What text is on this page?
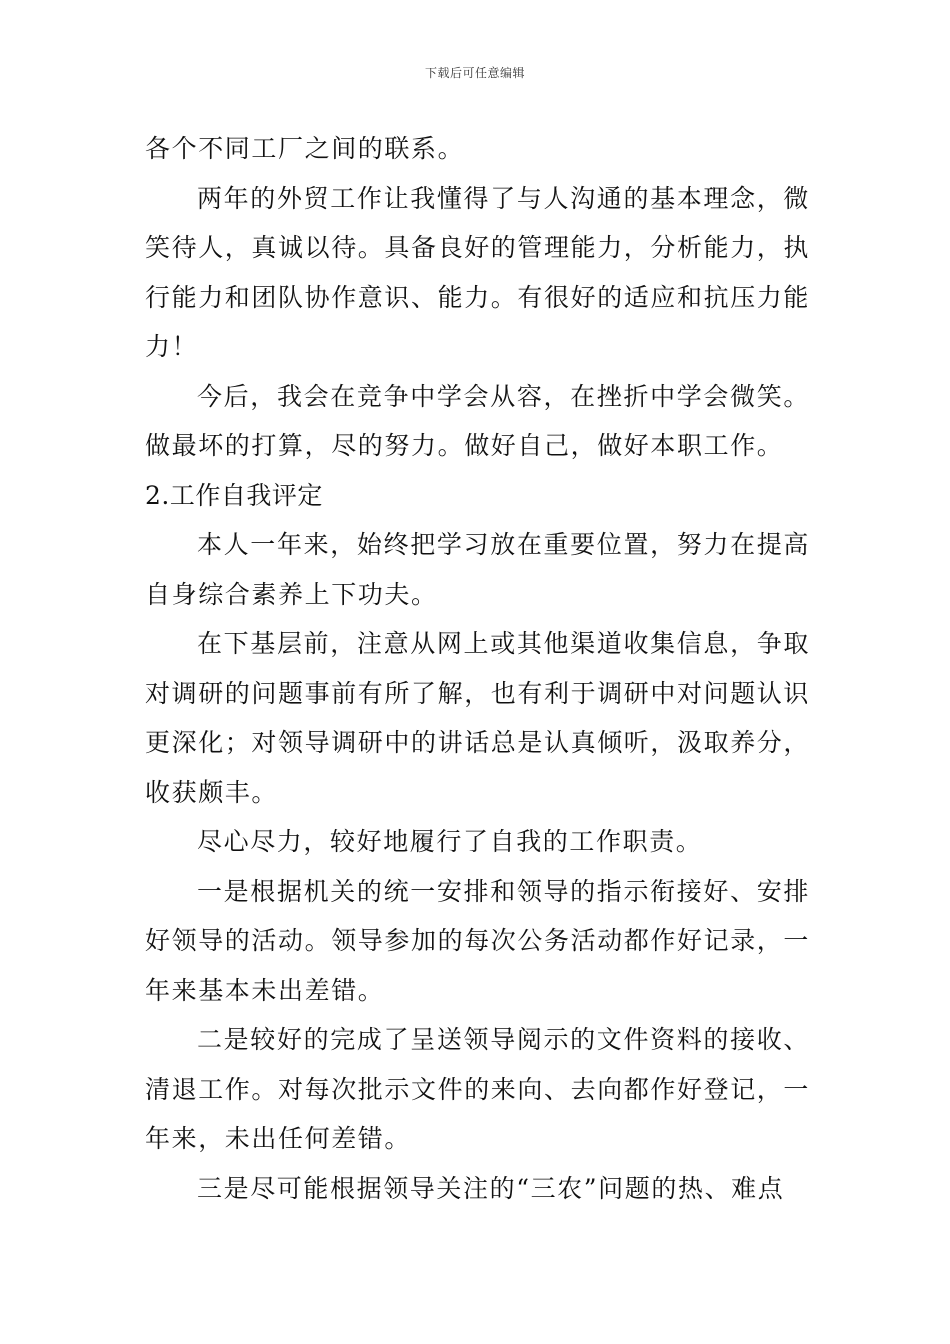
下载后可任意编辑

各个不同工厂之间的联系。

两年的外贸工作让我懂得了与人沟通的基本理念，微笑待人，真诚以待。具备良好的管理能力，分析能力，执行能力和团队协作意识、能力。有很好的适应和抗压力能力！

今后，我会在竞争中学会从容，在挫折中学会微笑。做最坏的打算，尽的努力。做好自己，做好本职工作。

2.工作自我评定

本人一年来，始终把学习放在重要位置，努力在提高自身综合素养上下功夫。

在下基层前，注意从网上或其他渠道收集信息，争取对调研的问题事前有所了解，也有利于调研中对问题认识更深化；对领导调研中的讲话总是认真倾听，汲取养分，收获颇丰。

尽心尽力，较好地履行了自我的工作职责。

一是根据机关的统一安排和领导的指示衔接好、安排好领导的活动。领导参加的每次公务活动都作好记录，一年来基本未出差错。

二是较好的完成了呈送领导阅示的文件资料的接收、清退工作。对每次批示文件的来向、去向都作好登记，一年来，未出任何差错。

三是尽可能根据领导关注的“三农”问题的热、难点
